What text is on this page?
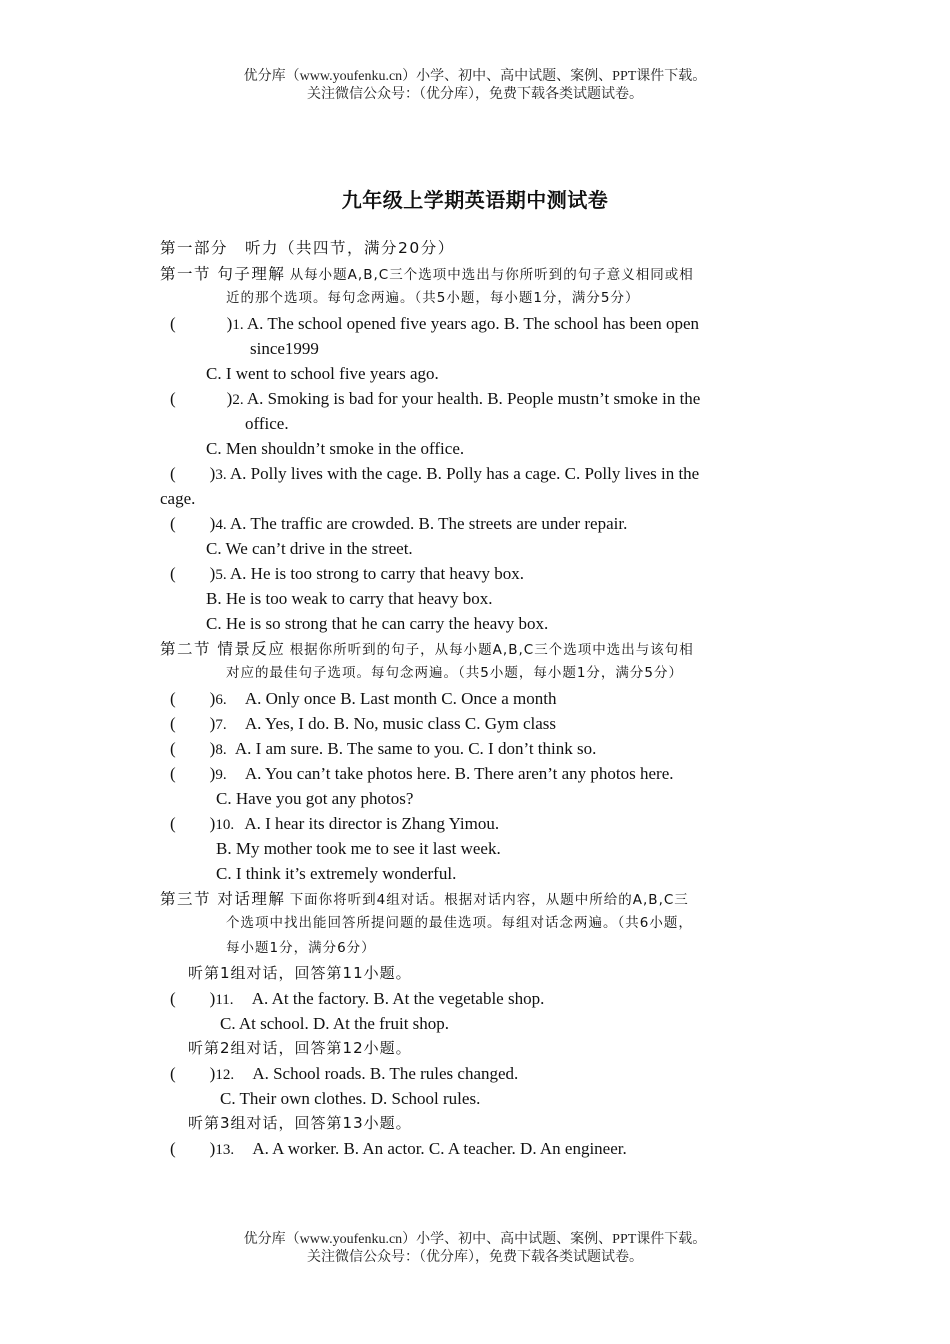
优分库（www.youfenku.cn）小学、初中、高中试题、案例、PPT课件下载。
关注微信公众号：（优分库），免费下载各类试题试卷。
九年级上学期英语期中测试卷
第一部分　听力（共四节，满分20分）
第一节 句子理解 从每小题A,B,C三个选项中选出与你所听到的句子意义相同或相
近的那个选项。每句念两遍。（共5小题，每小题1分，满分5分）
(　　　)1. A. The school opened five years ago. B. The school has been open
since1999
C. I went to school five years ago.
(　　　)2. A. Smoking is bad for your health. B. People mustn’t smoke in the
office.
C. Men shouldn’t smoke in the office.
(　　)3. A. Polly lives with the cage. B. Polly has a cage. C. Polly lives in the
cage.
(　　)4. A. The traffic are crowded. B. The streets are under repair.
C. We can’t drive in the street.
(　　)5. A. He is too strong to carry that heavy box.
B. He is too weak to carry that heavy box.
C. He is so strong that he can carry the heavy box.
第二节 情景反应 根据你所听到的句子，从每小题A,B,C三个选项中选出与该句相
对应的最佳句子选项。每句念两遍。（共5小题，每小题1分，满分5分）
(　　)6. A. Only once B. Last month C. Once a month
(　　)7. A. Yes, I do. B. No, music class C. Gym class
(　　)8. A. I am sure. B. The same to you. C. I don’t think so.
(　　)9. A. You can’t take photos here. B. There aren’t any photos here.
C. Have you got any photos?
(　　)10. A. I hear its director is Zhang Yimou.
B. My mother took me to see it last week.
C. I think it’s extremely wonderful.
第三节 对话理解 下面你将听到4组对话。根据对话内容，从题中所给的A,B,C三
个选项中找出能回答所提问题的最佳选项。每组对话念两遍。（共6小题，
每小题1分，满分6分）
听第1组对话，回答第11小题。
(　　)11. A. At the factory. B. At the vegetable shop.
C. At school. D. At the fruit shop.
听第2组对话，回答第12小题。
(　　)12. A. School roads. B. The rules changed.
C. Their own clothes. D. School rules.
听第3组对话，回答第13小题。
(　　)13. A. A worker. B. An actor. C. A teacher. D. An engineer.
优分库（www.youfenku.cn）小学、初中、高中试题、案例、PPT课件下载。
关注微信公众号：（优分库），免费下载各类试题试卷。
